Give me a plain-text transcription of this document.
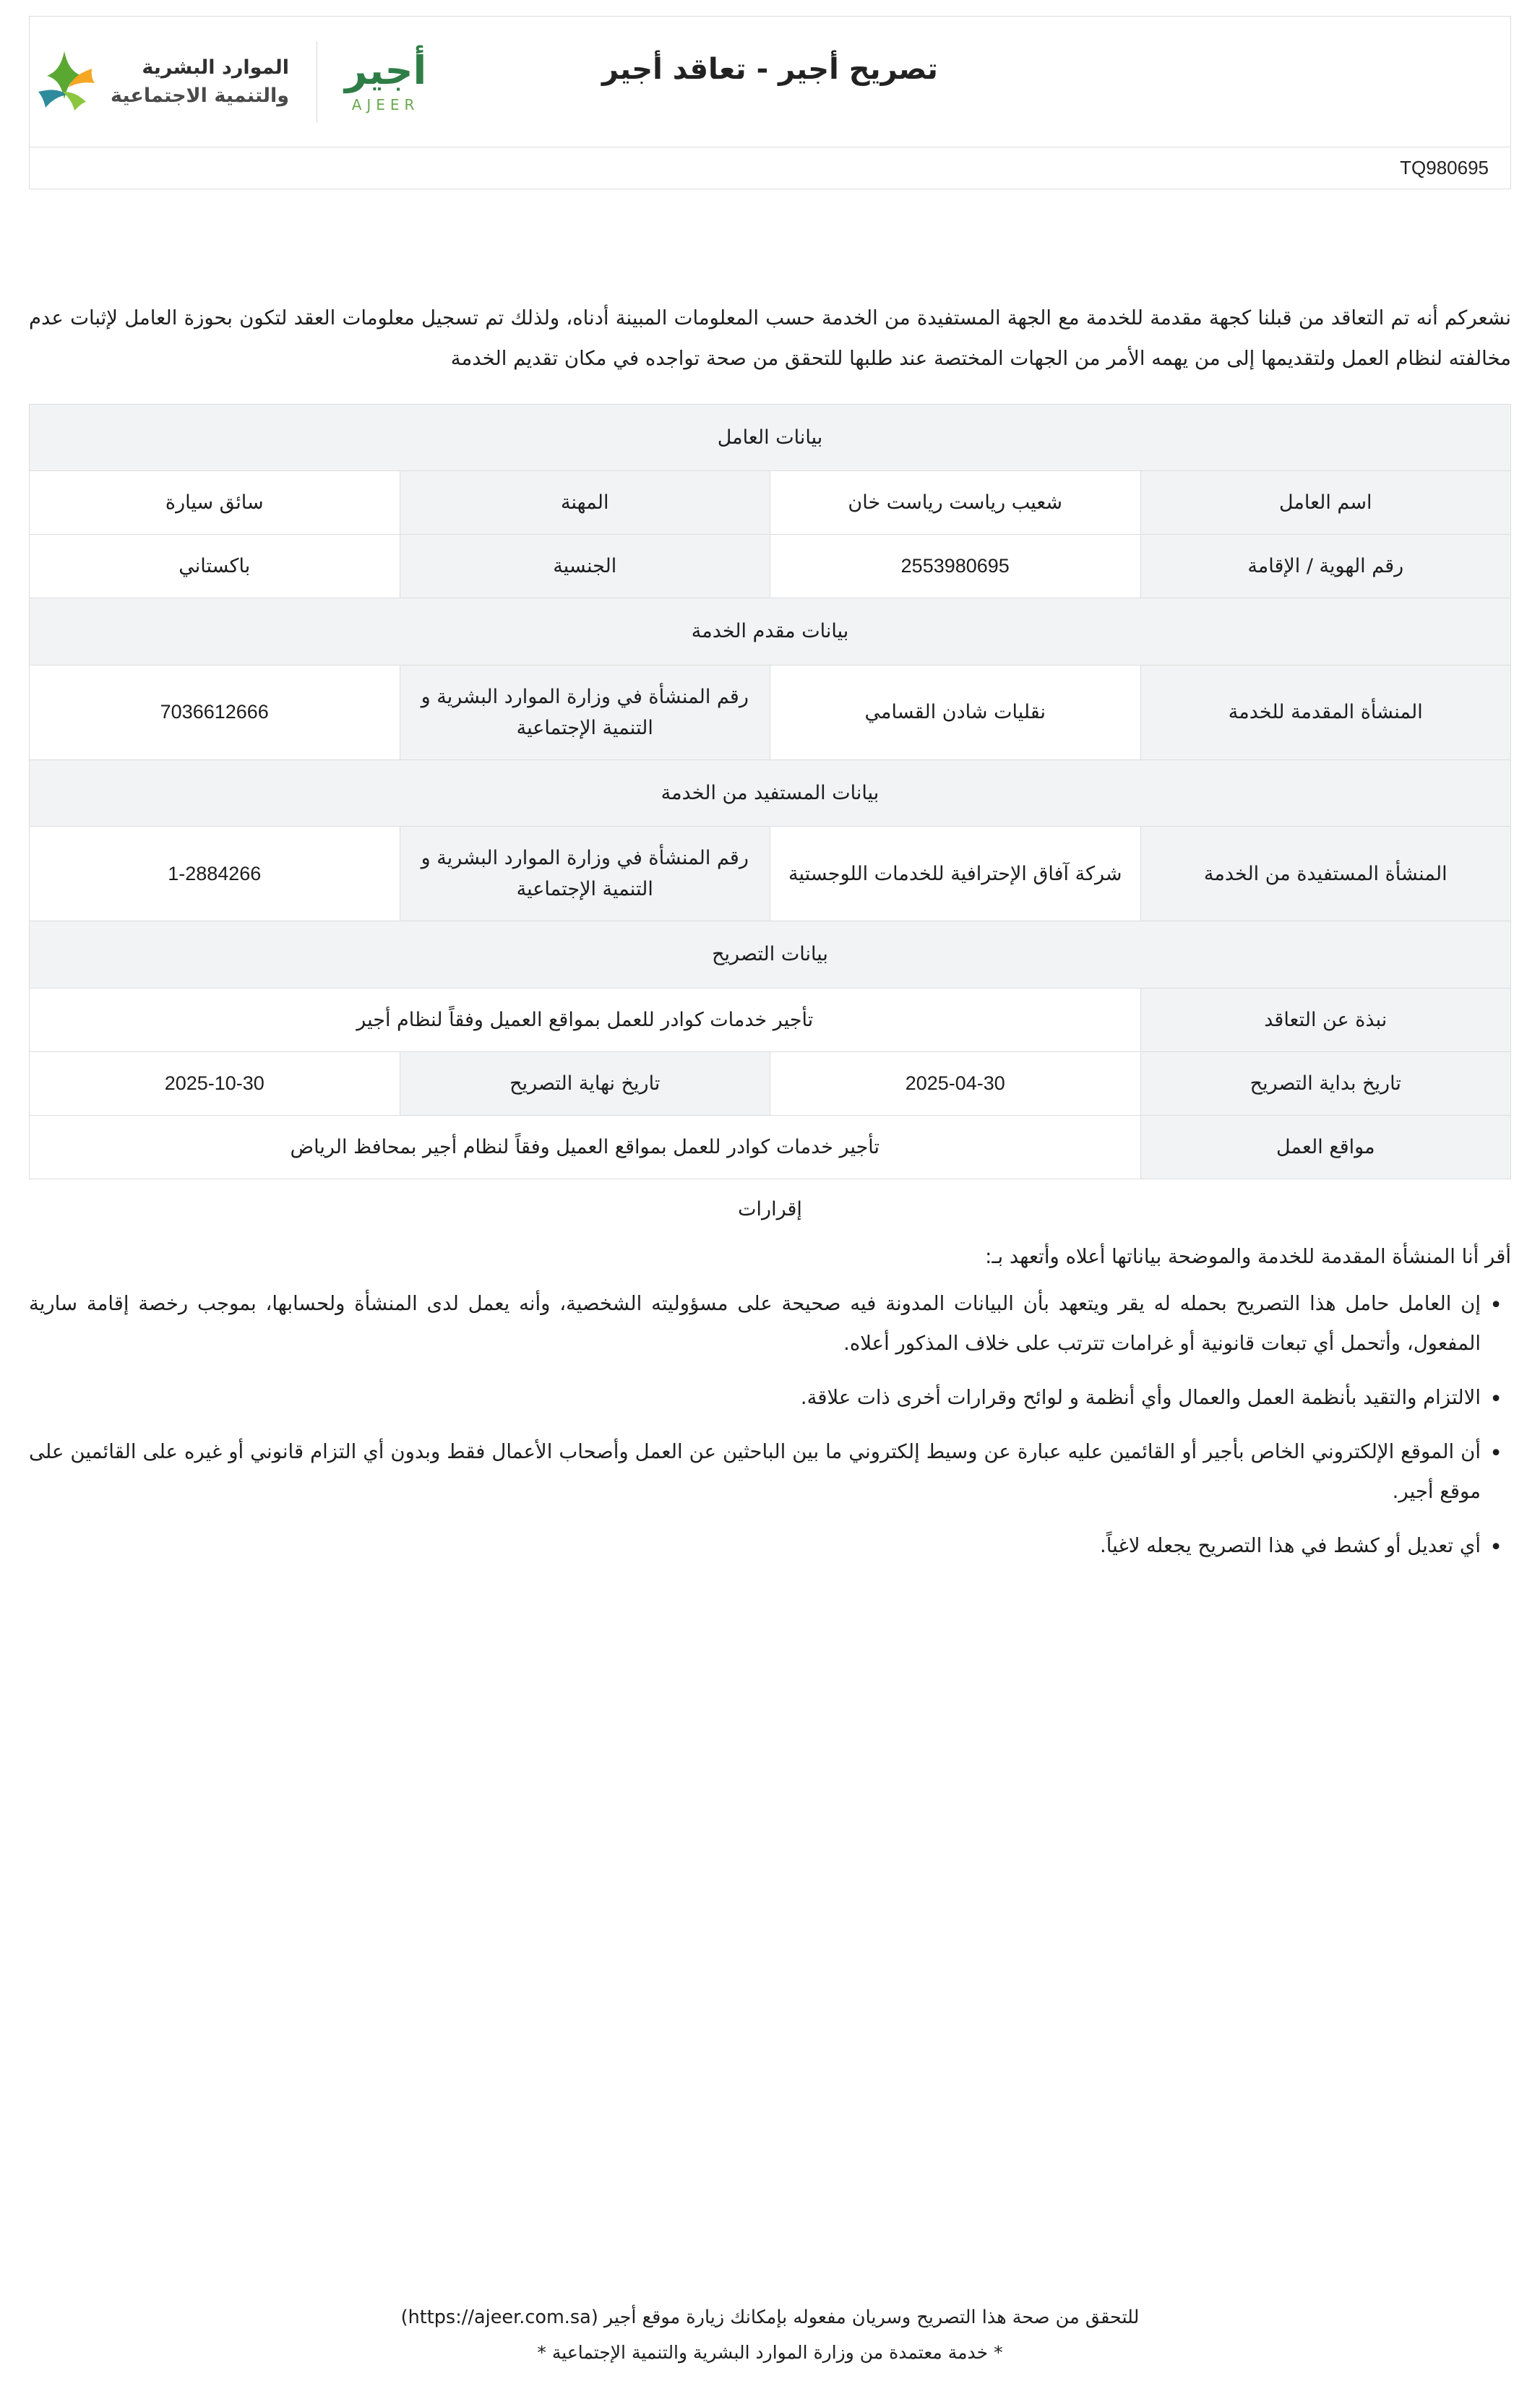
تصريح أجير - تعاقد أجير
أجير
AJEER
الموارد البشرية
والتنمية الاجتماعية
TQ980695
نشعركم أنه تم التعاقد من قبلنا كجهة مقدمة للخدمة مع الجهة المستفيدة من الخدمة حسب المعلومات المبينة أدناه، ولذلك تم تسجيل معلومات العقد لتكون بحوزة العامل لإثبات عدم مخالفته لنظام العمل ولتقديمها إلى من يهمه الأمر من الجهات المختصة عند طلبها للتحقق من صحة تواجده في مكان تقديم الخدمة
بيانات العامل			
اسم العامل	شعيب رياست رياست خان	المهنة	سائق سيارة
رقم الهوية / الإقامة	2553980695	الجنسية	باكستاني
بيانات مقدم الخدمة			
المنشأة المقدمة للخدمة	نقليات شادن القسامي	رقم المنشأة في وزارة الموارد البشرية و التنمية الإجتماعية	7036612666
بيانات المستفيد من الخدمة			
المنشأة المستفيدة من الخدمة	شركة آفاق الإحترافية للخدمات اللوجستية	رقم المنشأة في وزارة الموارد البشرية و التنمية الإجتماعية	1-2884266
بيانات التصريح			
نبذة عن التعاقد	تأجير خدمات كوادر للعمل بمواقع العميل وفقاً لنظام أجير		
تاريخ بداية التصريح	2025-04-30	تاريخ نهاية التصريح	2025-10-30
مواقع العمل	تأجير خدمات كوادر للعمل بمواقع العميل وفقاً لنظام أجير بمحافظ الرياض		
إقرارات
أقر أنا المنشأة المقدمة للخدمة والموضحة بياناتها أعلاه وأتعهد بـ:
• إن العامل حامل هذا التصريح بحمله له يقر ويتعهد بأن البيانات المدونة فيه صحيحة على مسؤوليته الشخصية، وأنه يعمل لدى المنشأة ولحسابها، بموجب رخصة إقامة سارية المفعول، وأتحمل أي تبعات قانونية أو غرامات تترتب على خلاف المذكور أعلاه.
• الالتزام والتقيد بأنظمة العمل والعمال وأي أنظمة و لوائح وقرارات أخرى ذات علاقة.
• أن الموقع الإلكتروني الخاص بأجير أو القائمين عليه عبارة عن وسيط إلكتروني ما بين الباحثين عن العمل وأصحاب الأعمال فقط وبدون أي التزام قانوني أو غيره على القائمين على موقع أجير.
• أي تعديل أو كشط في هذا التصريح يجعله لاغياً.
للتحقق من صحة هذا التصريح وسريان مفعوله بإمكانك زيارة موقع أجير (https://ajeer.com.sa)
* خدمة معتمدة من وزارة الموارد البشرية والتنمية الإجتماعية *
